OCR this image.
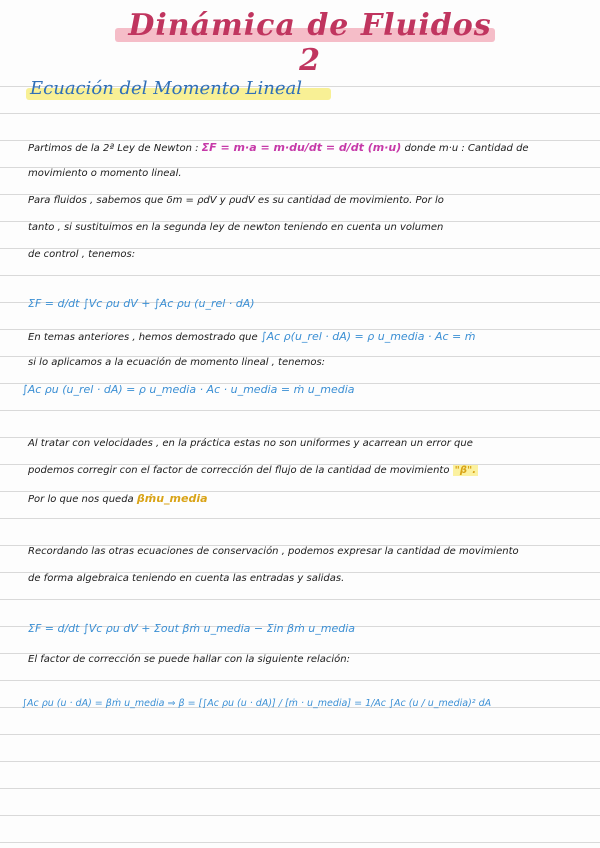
Dinámica de Fluidos 2
Ecuación del Momento Lineal
Partimos de la 2ª Ley de Newton : ΣF = m·a = m·du/dt = d/dt (m·u) donde m·u : Cantidad de
movimiento o momento lineal.
Para fluidos , sabemos que δm = ρdV y ρudV es su cantidad de movimiento. Por lo
tanto , si sustituimos en la segunda ley de newton teniendo en cuenta un volumen
de control , tenemos:
ΣF = d/dt ∫Vc ρu dV + ∫Ac ρu (u_rel · dA)
En temas anteriores , hemos demostrado que ∫Ac ρ(u_rel · dA) = ρ u_media · Ac = ṁ
si lo aplicamos a la ecuación de momento lineal , tenemos:
∫Ac ρu (u_rel · dA) = ρ u_media · Ac · u_media = ṁ u_media
Al tratar con velocidades , en la práctica estas no son uniformes y acarrean un error que
podemos corregir con el factor de corrección del flujo de la cantidad de movimiento "β".
Por lo que nos queda βṁu_media
Recordando las otras ecuaciones de conservación , podemos expresar la cantidad de movimiento
de forma algebraica teniendo en cuenta las entradas y salidas.
ΣF = d/dt ∫Vc ρu dV + Σout βṁ u_media − Σin βṁ u_media
El factor de corrección se puede hallar con la siguiente relación:
∫Ac ρu (u · dA) = βṁ u_media ⇒ β = [∫Ac ρu (u · dA)] / [ṁ · u_media] = 1/Ac ∫Ac (u / u_media)² dA
